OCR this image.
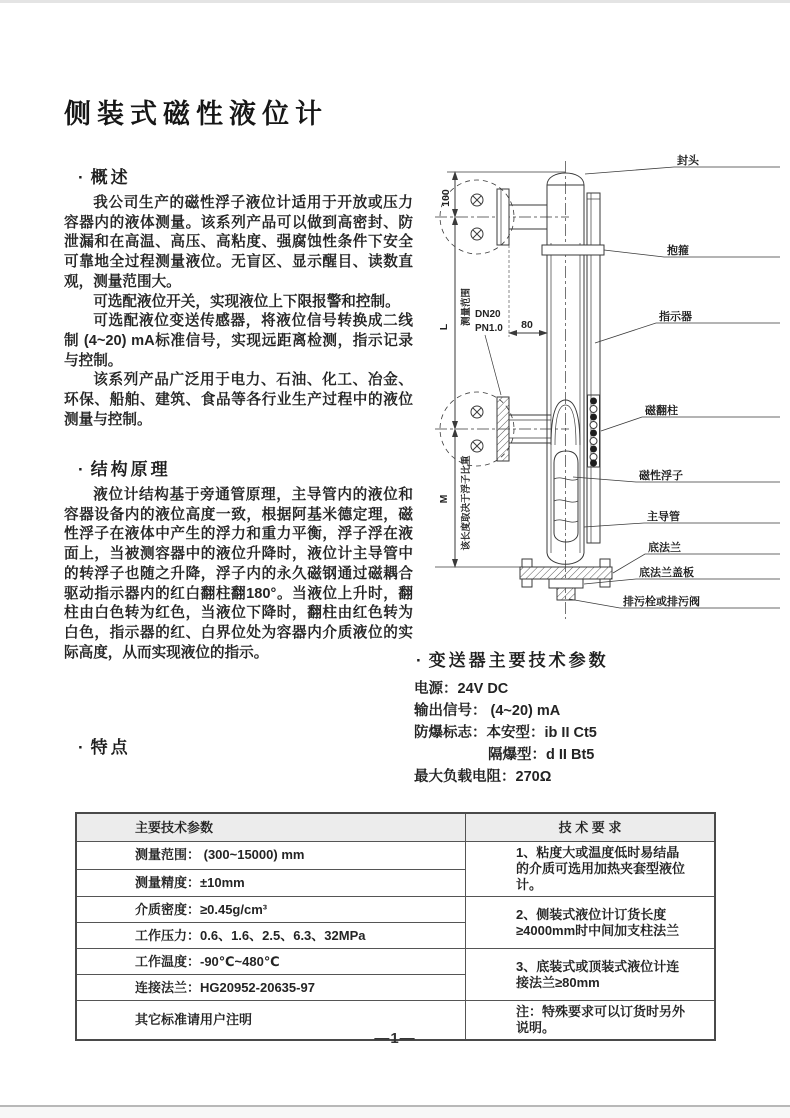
侧装式磁性液位计
· 概述

我公司生产的磁性浮子液位计适用于开放或压力容器内的液体测量。该系列产品可以做到高密封、防泄漏和在高温、高压、高粘度、强腐蚀性条件下安全可靠地全过程测量液位。无盲区、显示醒目、读数直观，测量范围大。

可选配液位开关，实现液位上下限报警和控制。

可选配液位变送传感器，将液位信号转换成二线制 (4~20) mA标准信号，实现远距离检测，指示记录与控制。

该系列产品广泛用于电力、石油、化工、冶金、环保、船舶、建筑、食品等各行业生产过程中的液位测量与控制。

· 结构原理

液位计结构基于旁通管原理，主导管内的液位和容器设备内的液位高度一致，根据阿基米德定理，磁性浮子在液体中产生的浮力和重力平衡，浮子浮在液面上，当被测容器中的液位升降时，液位计主导管中的转浮子也随之升降，浮子内的永久磁钢通过磁耦合驱动指示器内的红白翻柱翻180°。当液位上升时，翻柱由白色转为红色，当液位下降时，翻柱由红色转为白色，指示器的红、白界位处为容器内介质液位的实际高度，从而实现液位的指示。

· 特点
100
L
M
测量范围
该长度取决于浮子比重
DN20
PN1.0 80
封头
抱箍
指示器
磁翻柱
磁性浮子
主导管
底法兰
底法兰盖板
排污栓或排污阀
· 变送器主要技术参数
电源：24V DC
输出信号： (4~20) mA
防爆标志：本安型：ib II Ct5
隔爆型：d II Bt5
最大负载电阻：270Ω
主要技术参数	技 术 要 求
测量范围： (300~15000) mm	1、粘度大或温度低时易结晶的介质可选用加热夹套型液位计。
测量精度：±10mm	
介质密度：≥0.45g/cm³	2、侧装式液位计订货长度≥4000mm时中间加支柱法兰
工作压力：0.6、1.6、2.5、6.3、32MPa	
工作温度：-90℃~480℃	3、底装式或顶装式液位计连接法兰≥80mm
连接法兰：HG20952-20635-97	
其它标准请用户注明	注：特殊要求可以订货时另外说明。
—1—
